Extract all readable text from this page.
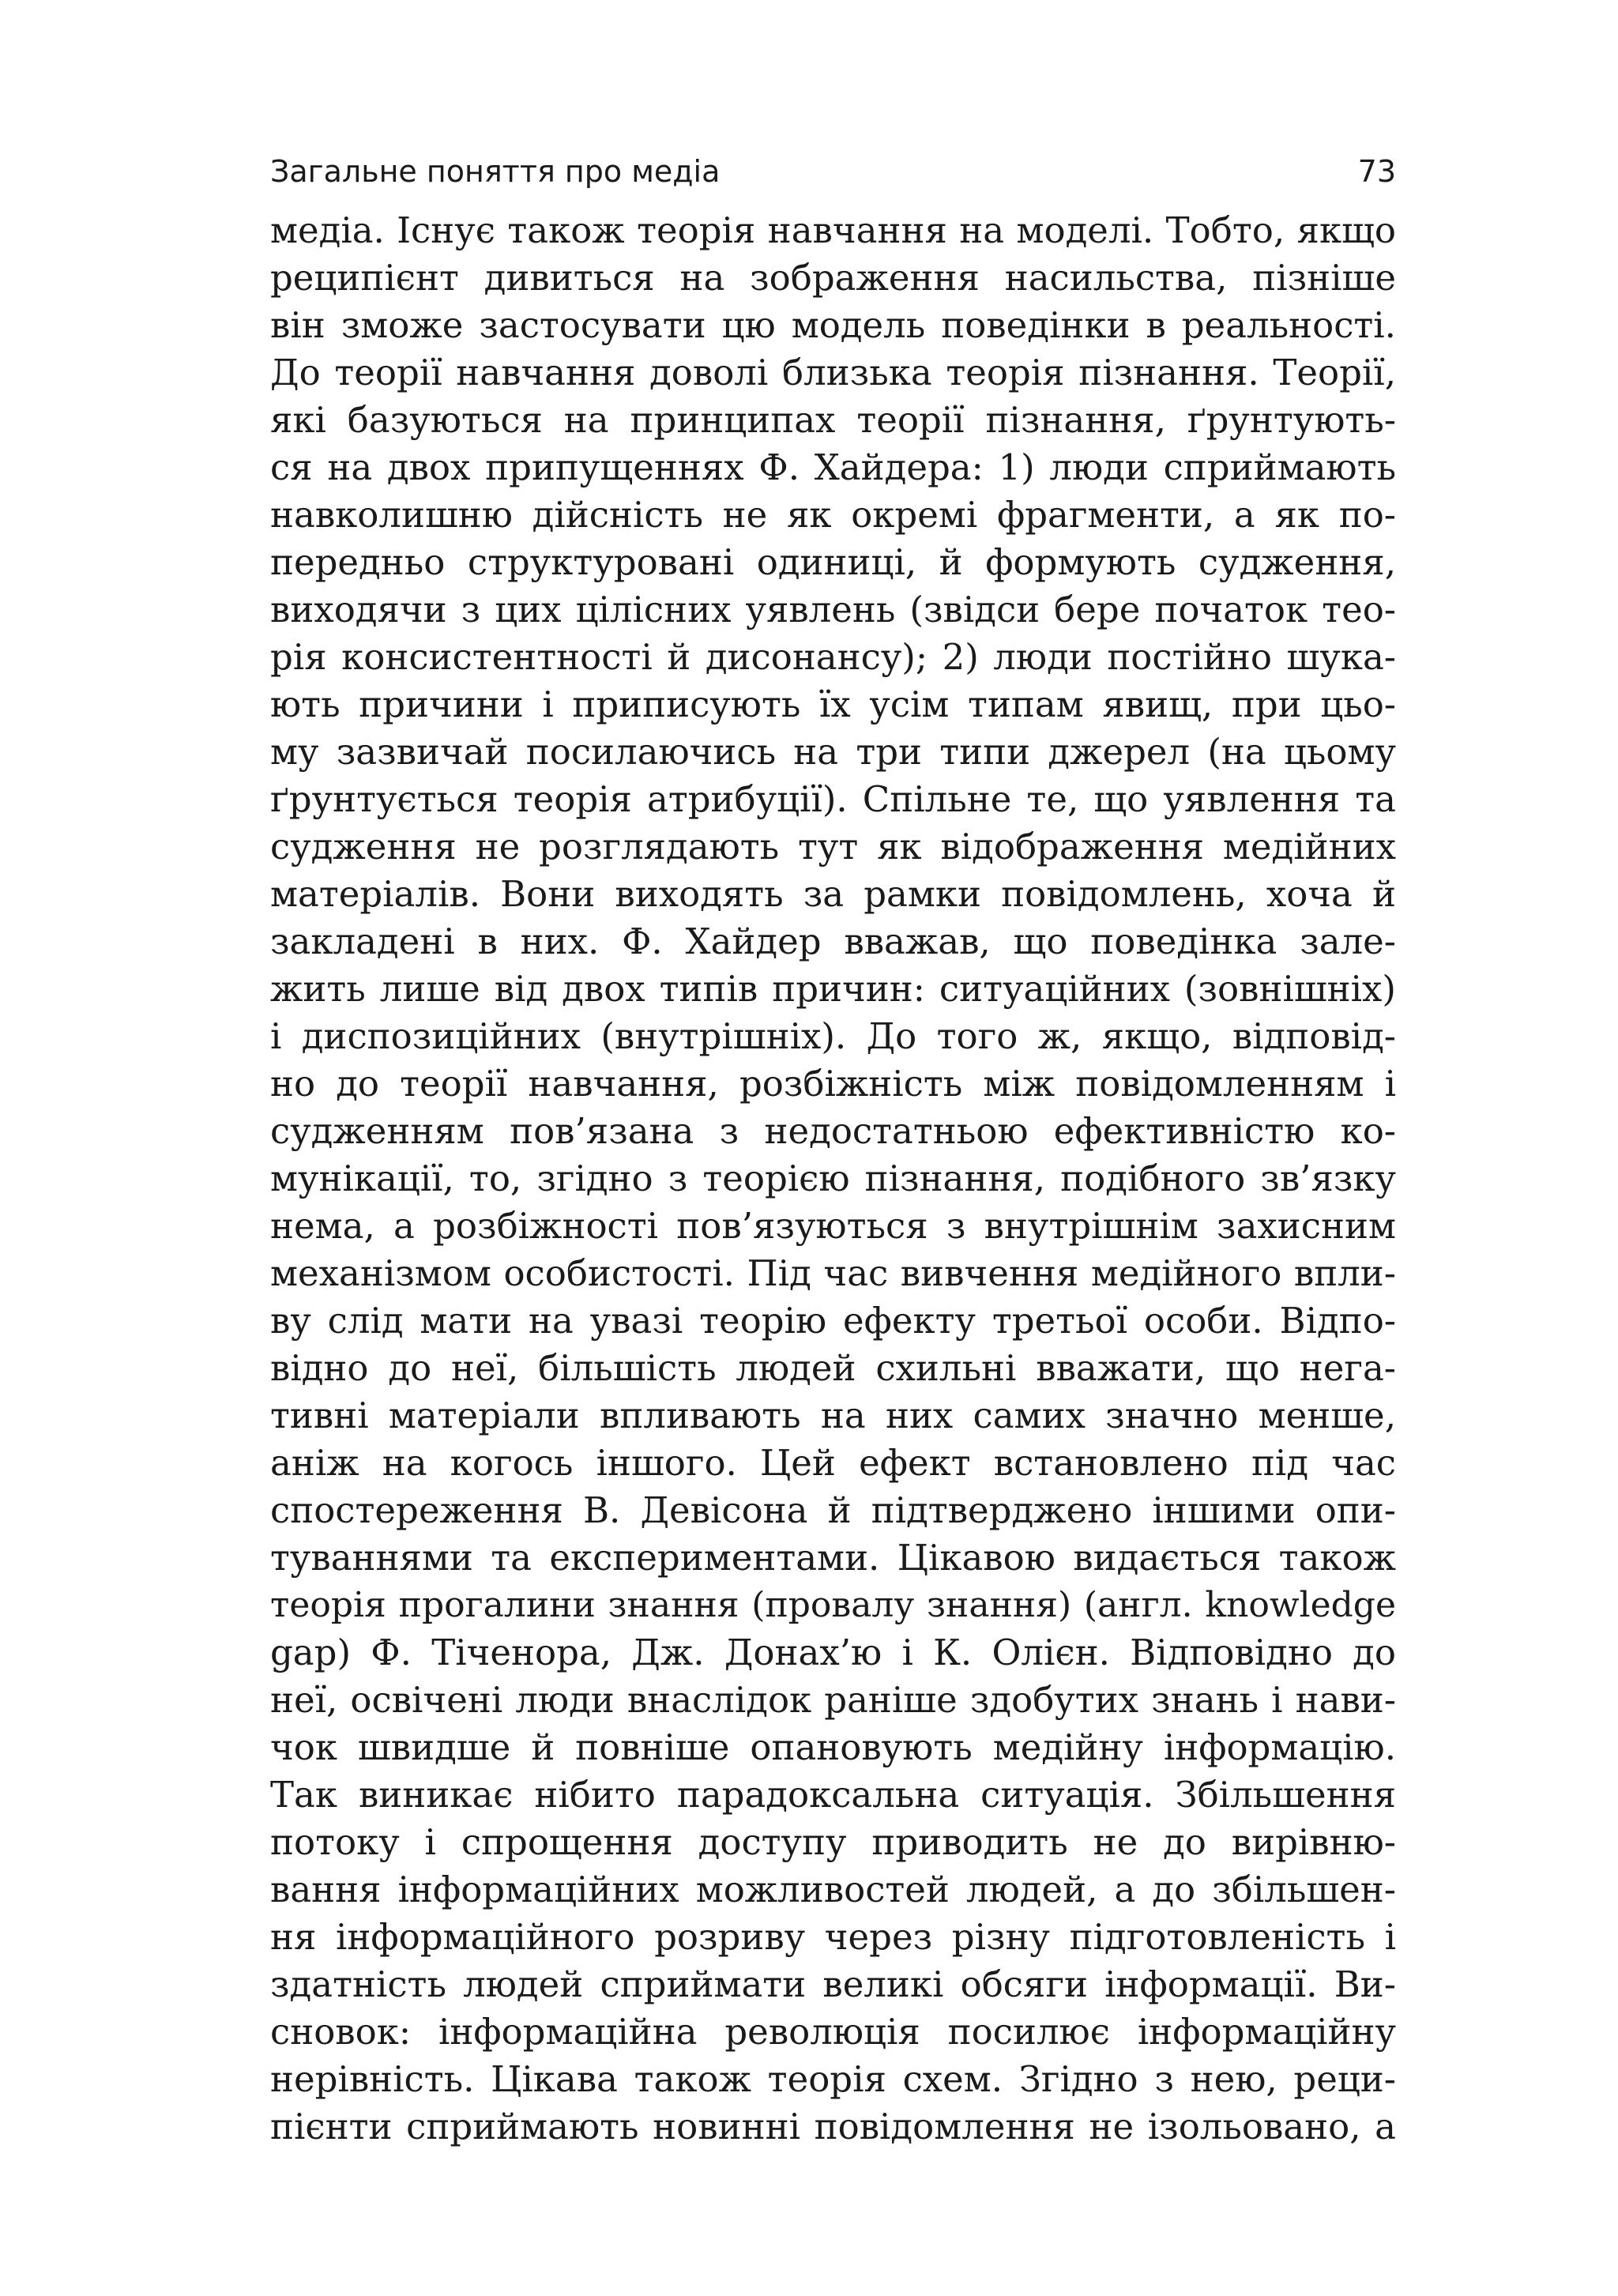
Загальне поняття про медіа	73
медіа. Існує також теорія навчання на моделі. Тобто, якщо
реципієнт дивиться на зображення насильства, пізніше
він зможе застосувати цю модель поведінки в реальності.
До теорії навчання доволі близька теорія пізнання. Теорії,
які базуються на принципах теорії пізнання, ґрунтують-
ся на двох припущеннях Ф. Хайдера: 1) люди сприймають
навколишню дійсність не як окремі фрагменти, а як по-
передньо структуровані одиниці, й формують судження,
виходячи з цих цілісних уявлень (звідси бере початок тео-
рія консистентності й дисонансу); 2) люди постійно шука-
ють причини і приписують їх усім типам явищ, при цьо-
му зазвичай посилаючись на три типи джерел (на цьому
ґрунтується теорія атрибуції). Спільне те, що уявлення та
судження не розглядають тут як відображення медійних
матеріалів. Вони виходять за рамки повідомлень, хоча й
закладені в них. Ф. Хайдер вважав, що поведінка зале-
жить лише від двох типів причин: ситуаційних (зовнішніх)
і диспозиційних (внутрішніх). До того ж, якщо, відповід-
но до теорії навчання, розбіжність між повідомленням і
судженням пов’язана з недостатньою ефективністю ко-
мунікації, то, згідно з теорією пізнання, подібного зв’язку
нема, а розбіжності пов’язуються з внутрішнім захисним
механізмом особистості. Під час вивчення медійного впли-
ву слід мати на увазі теорію ефекту третьої особи. Відпо-
відно до неї, більшість людей схильні вважати, що нега-
тивні матеріали впливають на них самих значно менше,
аніж на когось іншого. Цей ефект встановлено під час
спостереження В. Девісона й підтверджено іншими опи-
туваннями та експериментами. Цікавою видається також
теорія прогалини знання (провалу знання) (англ. knowledge
gap) Ф. Тіченора, Дж. Донах’ю і К. Олієн. Відповідно до
неї, освічені люди внаслідок раніше здобутих знань і нави-
чок швидше й повніше опановують медійну інформацію.
Так виникає нібито парадоксальна ситуація. Збільшення
потоку і спрощення доступу приводить не до вирівню-
вання інформаційних можливостей людей, а до збільшен-
ня інформаційного розриву через різну підготовленість і
здатність людей сприймати великі обсяги інформації. Ви-
сновок: інформаційна революція посилює інформаційну
нерівність. Цікава також теорія схем. Згідно з нею, реци-
пієнти сприймають новинні повідомлення не ізольовано, а
